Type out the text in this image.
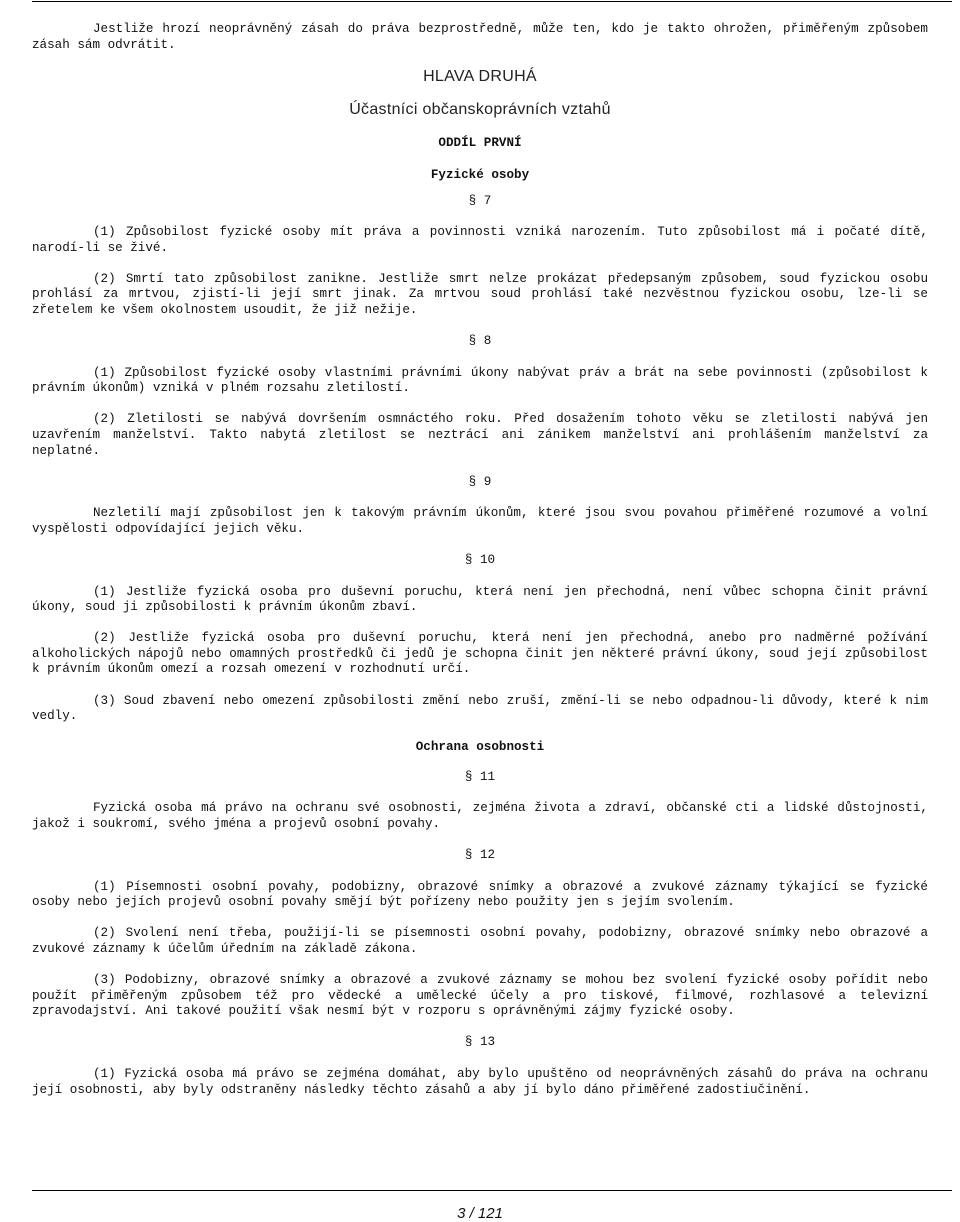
Jestliže hrozí neoprávněný zásah do práva bezprostředně, může ten, kdo je takto ohrožen, přiměřeným způsobem zásah sám odvrátit.

HLAVA DRUHÁ
Účastníci občanskoprávních vztahů
ODDÍL PRVNÍ
Fyzické osoby
§ 7

(1) Způsobilost fyzické osoby mít práva a povinnosti vzniká narozením. Tuto způsobilost má i počaté dítě, narodí-li se živé.

(2) Smrtí tato způsobilost zanikne. Jestliže smrt nelze prokázat předepsaným způsobem, soud fyzickou osobu prohlásí za mrtvou, zjistí-li její smrt jinak. Za mrtvou soud prohlásí také nezvěstnou fyzickou osobu, lze-li se zřetelem ke všem okolnostem usoudit, že již nežije.

§ 8

(1) Způsobilost fyzické osoby vlastními právními úkony nabývat práv a brát na sebe povinnosti (způsobilost k právním úkonům) vzniká v plném rozsahu zletilostí.

(2) Zletilosti se nabývá dovršením osmnáctého roku. Před dosažením tohoto věku se zletilosti nabývá jen uzavřením manželství. Takto nabytá zletilost se neztrácí ani zánikem manželství ani prohlášením manželství za neplatné.

§ 9

Nezletilí mají způsobilost jen k takovým právním úkonům, které jsou svou povahou přiměřené rozumové a volní vyspělosti odpovídající jejich věku.

§ 10

(1) Jestliže fyzická osoba pro duševní poruchu, která není jen přechodná, není vůbec schopna činit právní úkony, soud ji způsobilosti k právním úkonům zbaví.

(2) Jestliže fyzická osoba pro duševní poruchu, která není jen přechodná, anebo pro nadměrné požívání alkoholických nápojů nebo omamných prostředků či jedů je schopna činit jen některé právní úkony, soud její způsobilost k právním úkonům omezí a rozsah omezení v rozhodnutí určí.

(3) Soud zbavení nebo omezení způsobilosti změní nebo zruší, změní-li se nebo odpadnou-li důvody, které k nim vedly.

Ochrana osobnosti
§ 11

Fyzická osoba má právo na ochranu své osobnosti, zejména života a zdraví, občanské cti a lidské důstojnosti, jakož i soukromí, svého jména a projevů osobní povahy.

§ 12

(1) Písemnosti osobní povahy, podobizny, obrazové snímky a obrazové a zvukové záznamy týkající se fyzické osoby nebo jejích projevů osobní povahy smějí být pořízeny nebo použity jen s jejím svolením.

(2) Svolení není třeba, použijí-li se písemnosti osobní povahy, podobizny, obrazové snímky nebo obrazové a zvukové záznamy k účelům úředním na základě zákona.

(3) Podobizny, obrazové snímky a obrazové a zvukové záznamy se mohou bez svolení fyzické osoby pořídit nebo použít přiměřeným způsobem též pro vědecké a umělecké účely a pro tiskové, filmové, rozhlasové a televizní zpravodajství. Ani takové použití však nesmí být v rozporu s oprávněnými zájmy fyzické osoby.

§ 13

(1) Fyzická osoba má právo se zejména domáhat, aby bylo upuštěno od neoprávněných zásahů do práva na ochranu její osobnosti, aby byly odstraněny následky těchto zásahů a aby jí bylo dáno přiměřené zadostiučinění.

3 / 121
